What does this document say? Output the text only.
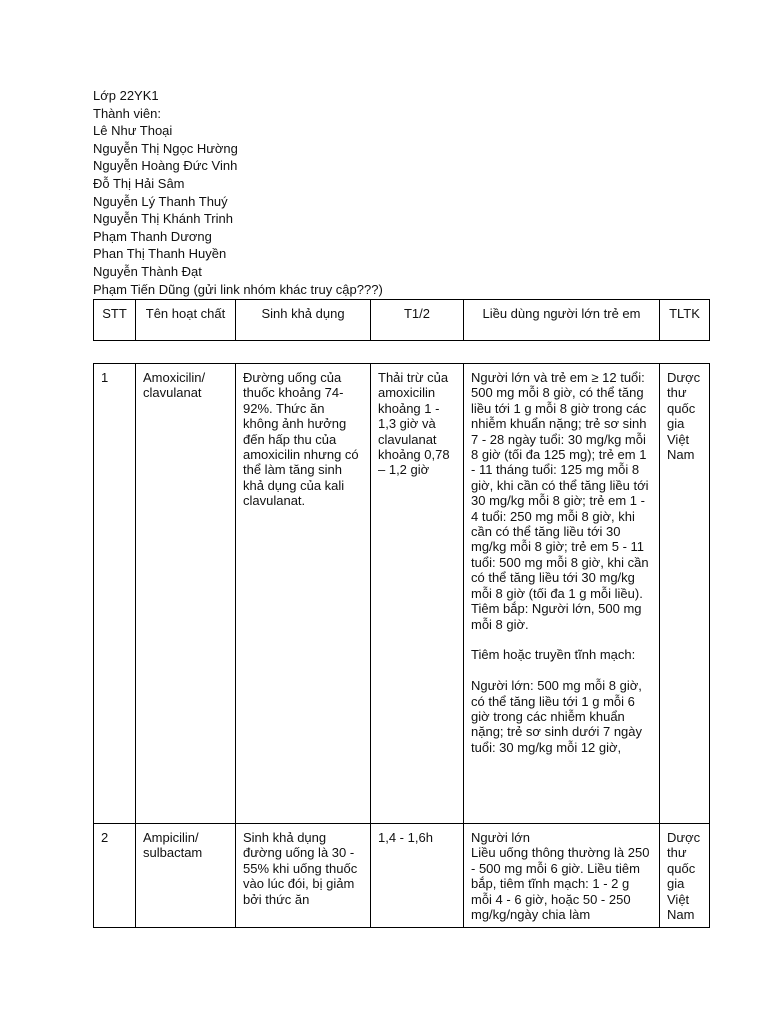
Lớp 22YK1
Thành viên:
Lê Như Thoại
Nguyễn Thị Ngọc Hường
Nguyễn Hoàng Đức Vinh
Đỗ Thị Hải Sâm
Nguyễn Lý Thanh Thuý
Nguyễn Thị Khánh Trinh
Phạm Thanh Dương
Phan Thị Thanh Huyền
Nguyễn Thành Đạt
Phạm Tiến Dũng (gửi link nhóm khác truy cập???)
STT	Tên hoạt chất	Sinh khả dụng	T1/2	Liều dùng người lớn trẻ em	TLTK
1	Amoxicilin/ clavulanat	Đường uống của thuốc khoảng 74-92%. Thức ăn không ảnh hưởng đến hấp thu của amoxicilin nhưng có thể làm tăng sinh khả dụng của kali clavulanat.	Thải trừ của amoxicilin khoảng 1 - 1,3 giờ và clavulanat khoảng 0,78 – 1,2 giờ	Người lớn và trẻ em ≥ 12 tuổi: 500 mg mỗi 8 giờ, có thể tăng liều tới 1 g mỗi 8 giờ trong các nhiễm khuẩn nặng; trẻ sơ sinh 7 - 28 ngày tuổi: 30 mg/kg mỗi 8 giờ (tối đa 125 mg); trẻ em 1 - 11 tháng tuổi: 125 mg mỗi 8 giờ, khi cần có thể tăng liều tới 30 mg/kg mỗi 8 giờ; trẻ em 1 - 4 tuổi: 250 mg mỗi 8 giờ, khi cần có thể tăng liều tới 30 mg/kg mỗi 8 giờ; trẻ em 5 - 11 tuổi: 500 mg mỗi 8 giờ, khi cần có thể tăng liều tới 30 mg/kg mỗi 8 giờ (tối đa 1 g mỗi liều).
Tiêm bắp: Người lớn, 500 mg mỗi 8 giờ.

Tiêm hoặc truyền tĩnh mạch:

Người lớn: 500 mg mỗi 8 giờ, có thể tăng liều tới 1 g mỗi 6 giờ trong các nhiễm khuẩn nặng; trẻ sơ sinh dưới 7 ngày tuổi: 30 mg/kg mỗi 12 giờ,	Dược thư quốc gia Việt Nam
2	Ampicilin/ sulbactam	Sinh khả dụng đường uống là 30 - 55% khi uống thuốc vào lúc đói, bị giảm bởi thức ăn	1,4 - 1,6h	Người lớn
Liều uống thông thường là 250 - 500 mg mỗi 6 giờ. Liều tiêm bắp, tiêm tĩnh mạch: 1 - 2 g mỗi 4 - 6 giờ, hoặc 50 - 250 mg/kg/ngày chia làm	Dược thư quốc gia Việt Nam
